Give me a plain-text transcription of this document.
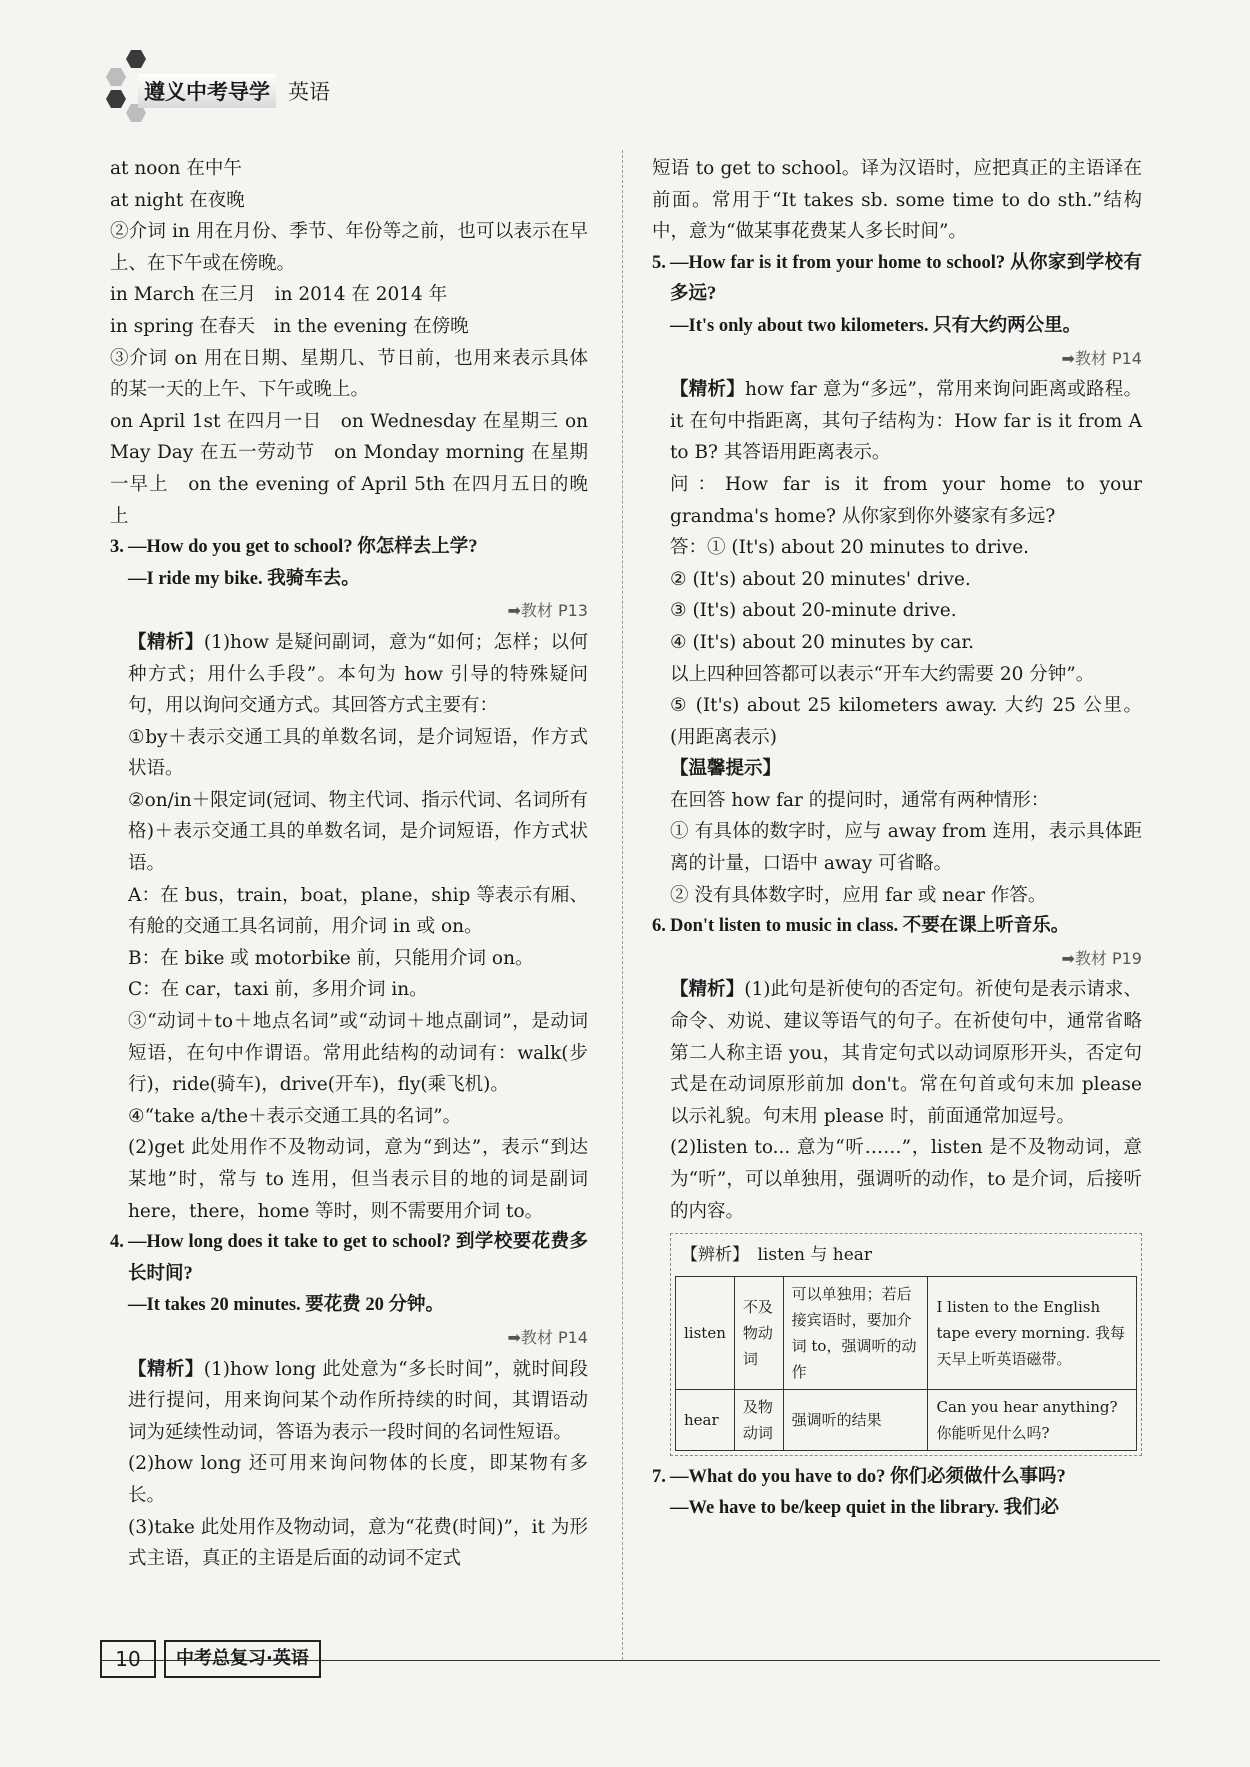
遵义中考导学 英语

at noon 在中午

at night 在夜晚

②介词 in 用在月份、季节、年份等之前，也可以表示在早上、在下午或在傍晚。

in March 在三月　in 2014 在 2014 年

in spring 在春天　in the evening 在傍晚

③介词 on 用在日期、星期几、节日前，也用来表示具体的某一天的上午、下午或晚上。

on April 1st 在四月一日　on Wednesday 在星期三 on May Day 在五一劳动节　on Monday morning 在星期一早上　on the evening of April 5th 在四月五日的晚上

3. —How do you get to school? 你怎样去上学?

—I ride my bike. 我骑车去。

➡教材 P13

【精析】(1)how 是疑问副词，意为“如何；怎样；以何种方式；用什么手段”。本句为 how 引导的特殊疑问句，用以询问交通方式。其回答方式主要有：

①by＋表示交通工具的单数名词，是介词短语，作方式状语。

②on/in＋限定词(冠词、物主代词、指示代词、名词所有格)＋表示交通工具的单数名词，是介词短语，作方式状语。

A：在 bus，train，boat，plane，ship 等表示有厢、有舱的交通工具名词前，用介词 in 或 on。

B：在 bike 或 motorbike 前，只能用介词 on。

C：在 car，taxi 前，多用介词 in。

③“动词＋to＋地点名词”或“动词＋地点副词”，是动词短语，在句中作谓语。常用此结构的动词有：walk(步行)，ride(骑车)，drive(开车)，fly(乘飞机)。

④“take a/the＋表示交通工具的名词”。

(2)get 此处用作不及物动词，意为“到达”，表示“到达某地”时，常与 to 连用，但当表示目的地的词是副词 here，there，home 等时，则不需要用介词 to。

4. —How long does it take to get to school? 到学校要花费多长时间?

—It takes 20 minutes. 要花费 20 分钟。

➡教材 P14

【精析】(1)how long 此处意为“多长时间”，就时间段进行提问，用来询问某个动作所持续的时间，其谓语动词为延续性动词，答语为表示一段时间的名词性短语。

(2)how long 还可用来询问物体的长度，即某物有多长。

(3)take 此处用作及物动词，意为“花费(时间)”，it 为形式主语，真正的主语是后面的动词不定式

短语 to get to school。译为汉语时，应把真正的主语译在前面。常用于“It takes sb. some time to do sth.”结构中，意为“做某事花费某人多长时间”。

5. —How far is it from your home to school? 从你家到学校有多远?

—It's only about two kilometers. 只有大约两公里。

➡教材 P14

【精析】how far 意为“多远”，常用来询问距离或路程。it 在句中指距离，其句子结构为：How far is it from A to B? 其答语用距离表示。

问：How far is it from your home to your grandma's home? 从你家到你外婆家有多远?

答：① (It's) about 20 minutes to drive.

② (It's) about 20 minutes' drive.

③ (It's) about 20-minute drive.

④ (It's) about 20 minutes by car.

以上四种回答都可以表示“开车大约需要 20 分钟”。

⑤ (It's) about 25 kilometers away. 大约 25 公里。(用距离表示)

【温馨提示】

在回答 how far 的提问时，通常有两种情形：

① 有具体的数字时，应与 away from 连用，表示具体距离的计量，口语中 away 可省略。

② 没有具体数字时，应用 far 或 near 作答。

6. Don't listen to music in class. 不要在课上听音乐。

➡教材 P19

【精析】(1)此句是祈使句的否定句。祈使句是表示请求、命令、劝说、建议等语气的句子。在祈使句中，通常省略第二人称主语 you，其肯定句式以动词原形开头，否定句式是在动词原形前加 don't。常在句首或句末加 please 以示礼貌。句末用 please 时，前面通常加逗号。

(2)listen to... 意为“听……”，listen 是不及物动词，意为“听”，可以单独用，强调听的动作，to 是介词，后接听的内容。

【辨析】　listen 与 hear

listen	不及物动词	可以单独用；若后接宾语时，要加介词 to，强调听的动作	I listen to the English tape every morning. 我每天早上听英语磁带。
hear	及物动词	强调听的结果	Can you hear anything? 你能听见什么吗?

7. —What do you have to do? 你们必须做什么事吗?

—We have to be/keep quiet in the library. 我们必

10	中考总复习·英语
